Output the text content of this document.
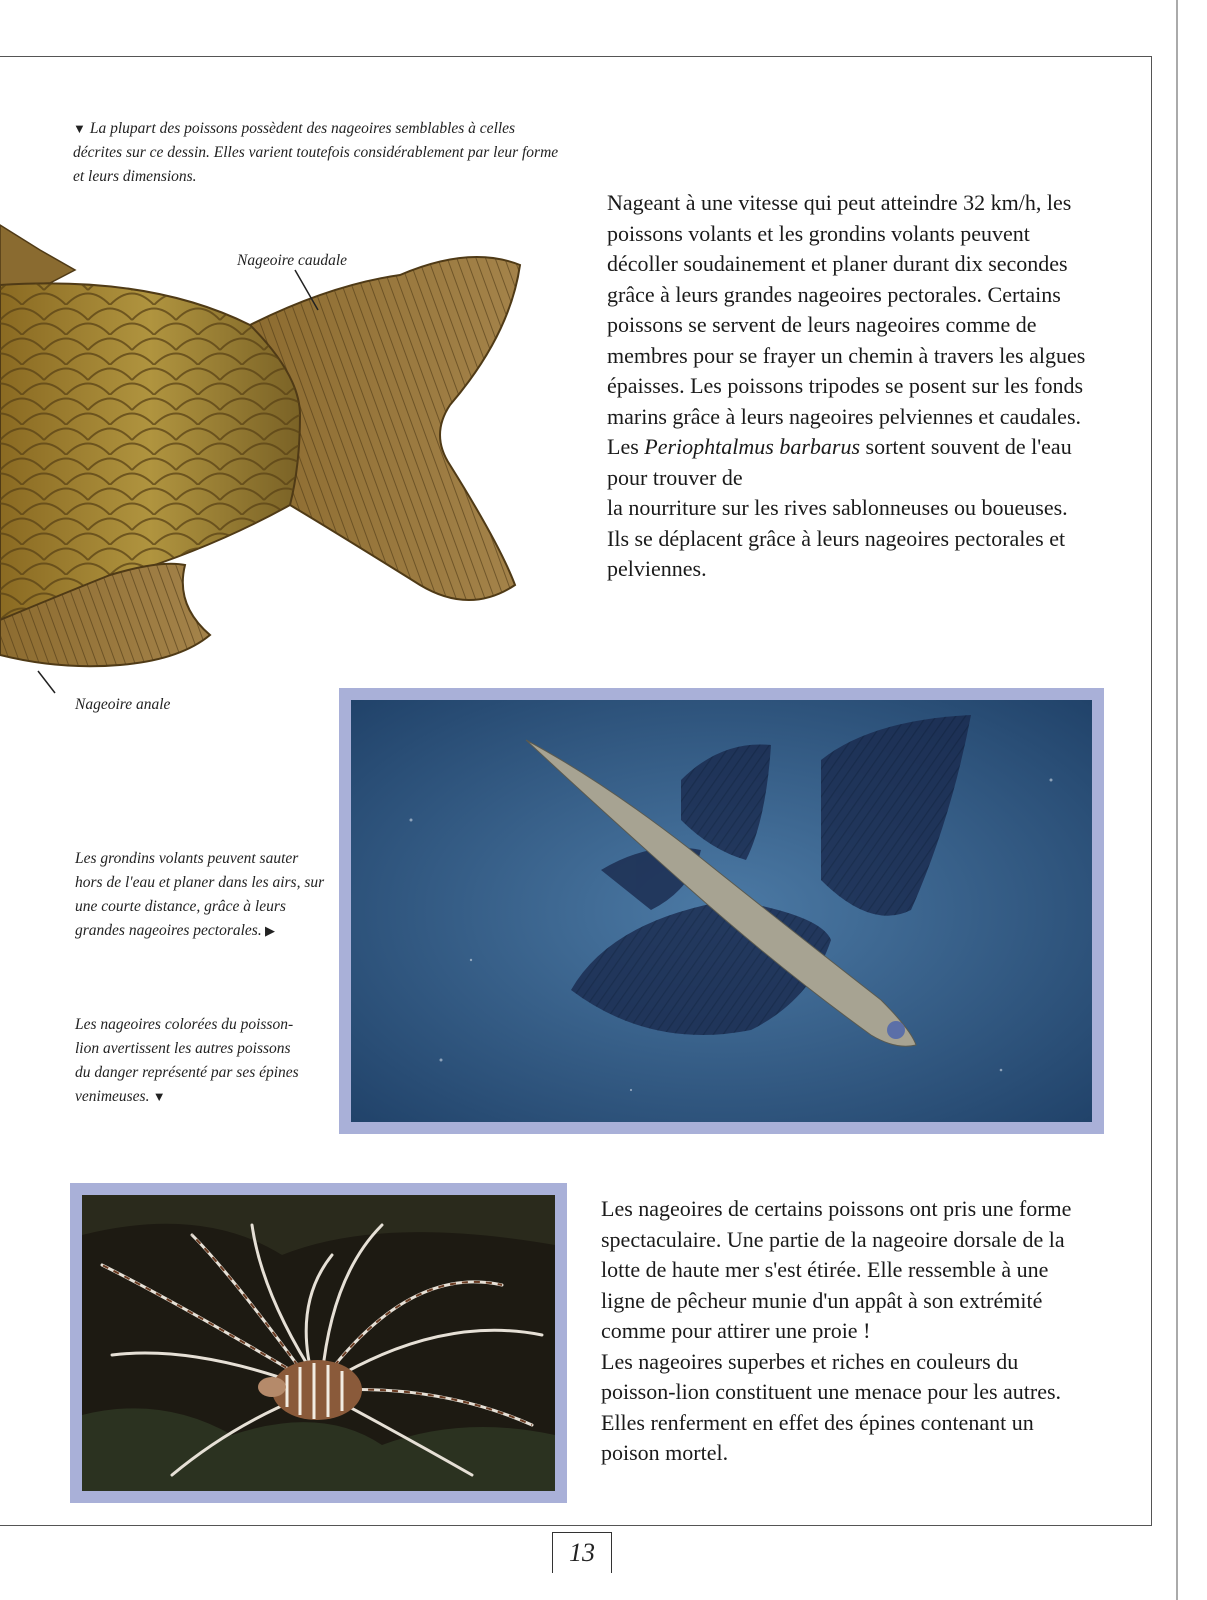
▼ La plupart des poissons possèdent des nageoires semblables à celles décrites sur ce dessin. Elles varient toutefois considérablement par leur forme et leurs dimensions.
Nageoire caudale
Nageoire anale

Nageant à une vitesse qui peut atteindre 32 km/h, les poissons volants et les grondins volants peuvent décoller soudainement et planer durant dix secondes grâce à leurs grandes nageoires pectorales. Certains poissons se servent de leurs nageoires comme de membres pour se frayer un chemin à travers les algues épaisses. Les poissons tripodes se posent sur les fonds marins grâce à leurs nageoires pelviennes et caudales. Les Periophtalmus barbarus sortent souvent de l'eau pour trouver de

la nourriture sur les rives sablonneuses ou boueuses. Ils se déplacent grâce à leurs nageoires pectorales et pelviennes.

Les grondins volants peuvent sauter hors de l'eau et planer dans les airs, sur une courte distance, grâce à leurs grandes nageoires pectorales. ▶
Les nageoires colorées du poisson-lion avertissent les autres poissons du danger représenté par ses épines venimeuses. ▼

Les nageoires de certains poissons ont pris une forme spectaculaire. Une partie de la nageoire dorsale de la lotte de haute mer s'est étirée. Elle ressemble à une ligne de pêcheur munie d'un appât à son extrémité comme pour attirer une proie !

Les nageoires superbes et riches en couleurs du poisson-lion constituent une menace pour les autres. Elles renferment en effet des épines contenant un poison mortel.

13
